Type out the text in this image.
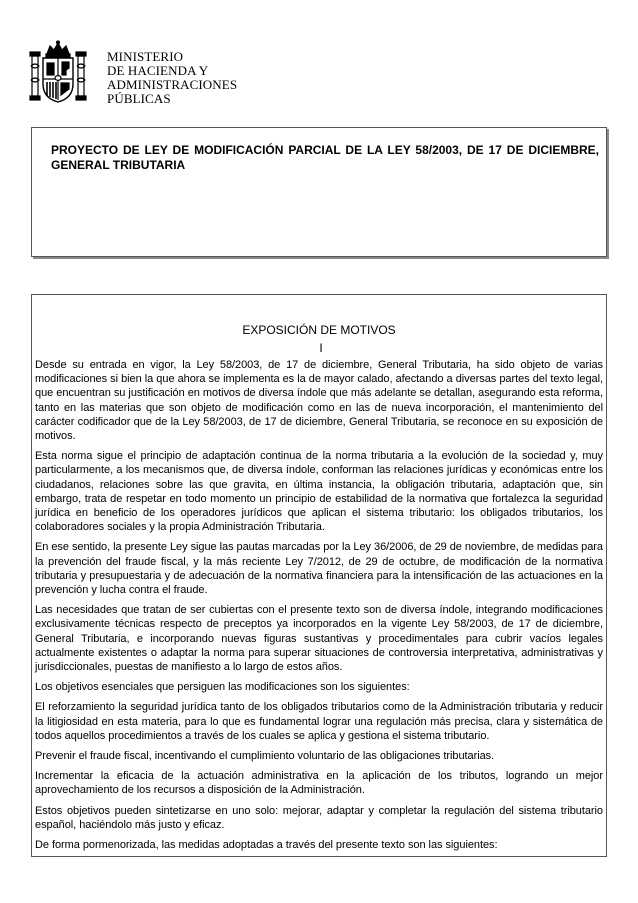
MINISTERIO
DE HACIENDA Y
ADMINISTRACIONES
PÚBLICAS

PROYECTO DE LEY DE MODIFICACIÓN PARCIAL DE LA LEY 58/2003, DE 17 DE DICIEMBRE, GENERAL TRIBUTARIA

EXPOSICIÓN DE MOTIVOS
I

Desde su entrada en vigor, la Ley 58/2003, de 17 de diciembre, General Tributaria, ha sido objeto de varias modificaciones si bien la que ahora se implementa es la de mayor calado, afectando a diversas partes del texto legal, que encuentran su justificación en motivos de diversa índole que más adelante se detallan, asegurando esta reforma, tanto en las materias que son objeto de modificación como en las de nueva incorporación, el mantenimiento del carácter codificador que de la Ley 58/2003, de 17 de diciembre, General Tributaria, se reconoce en su exposición de motivos.

Esta norma sigue el principio de adaptación continua de la norma tributaria a la evolución de la sociedad y, muy particularmente, a los mecanismos que, de diversa índole, conforman las relaciones jurídicas y económicas entre los ciudadanos, relaciones sobre las que gravita, en última instancia, la obligación tributaria, adaptación que, sin embargo, trata de respetar en todo momento un principio de estabilidad de la normativa que fortalezca la seguridad jurídica en beneficio de los operadores jurídicos que aplican el sistema tributario: los obligados tributarios, los colaboradores sociales y la propia Administración Tributaria.

En ese sentido, la presente Ley sigue las pautas marcadas por la Ley 36/2006, de 29 de noviembre, de medidas para la prevención del fraude fiscal, y la más reciente Ley 7/2012, de 29 de octubre, de modificación de la normativa tributaria y presupuestaria y de adecuación de la normativa financiera para la intensificación de las actuaciones en la prevención y lucha contra el fraude.

Las necesidades que tratan de ser cubiertas con el presente texto son de diversa índole, integrando modificaciones exclusivamente técnicas respecto de preceptos ya incorporados en la vigente Ley 58/2003, de 17 de diciembre, General Tributaria, e incorporando nuevas figuras sustantivas y procedimentales para cubrir vacíos legales actualmente existentes o adaptar la norma para superar situaciones de controversia interpretativa, administrativas y jurisdiccionales, puestas de manifiesto a lo largo de estos años.

Los objetivos esenciales que persiguen las modificaciones son los siguientes:

El reforzamiento la seguridad jurídica tanto de los obligados tributarios como de la Administración tributaria y reducir la litigiosidad en esta materia, para lo que es fundamental lograr una regulación más precisa, clara y sistemática de todos aquellos procedimientos a través de los cuales se aplica y gestiona el sistema tributario.

Prevenir el fraude fiscal, incentivando el cumplimiento voluntario de las obligaciones tributarias.

Incrementar la eficacia de la actuación administrativa en la aplicación de los tributos, logrando un mejor aprovechamiento de los recursos a disposición de la Administración.

Estos objetivos pueden sintetizarse en uno solo: mejorar, adaptar y completar la regulación del sistema tributario español, haciéndolo más justo y eficaz.

De forma pormenorizada, las medidas adoptadas a través del presente texto son las siguientes:
